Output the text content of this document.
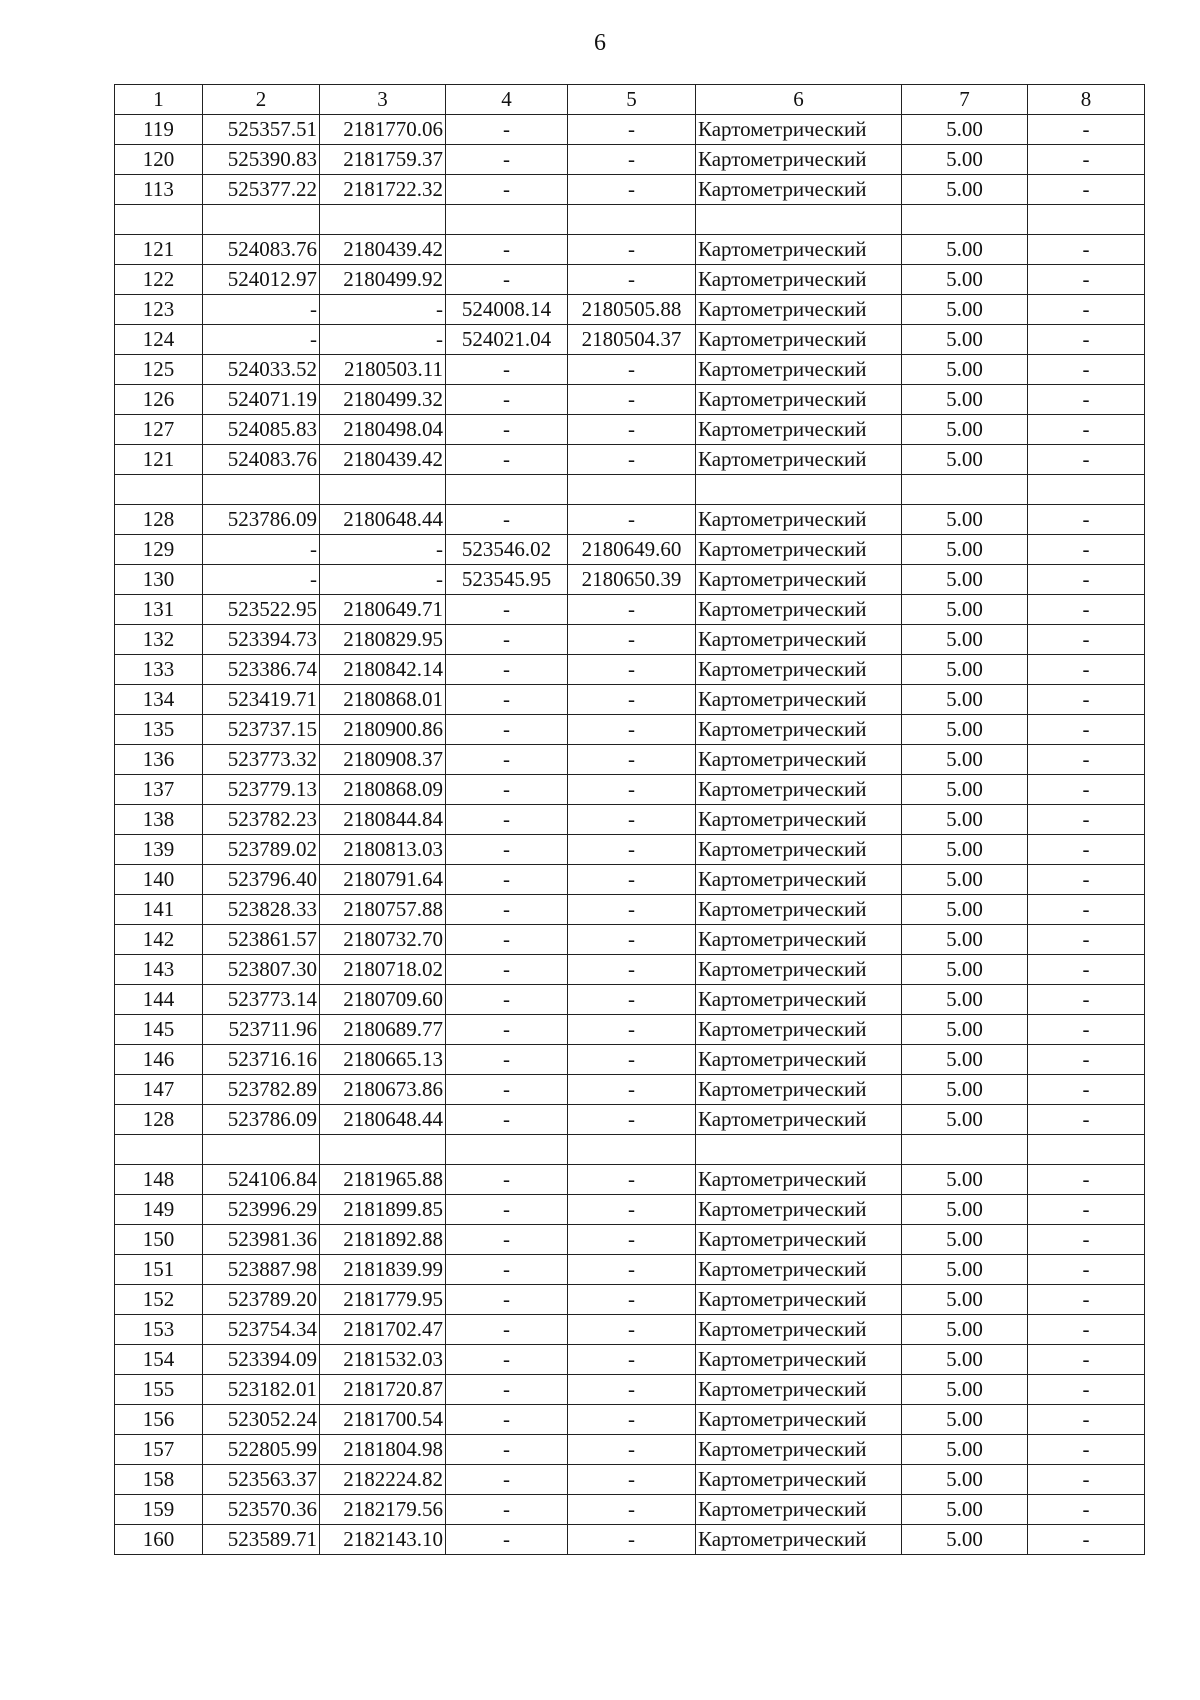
6
1	2	3	4	5	6	7	8
119	525357.51	2181770.06	-	-	Картометрический	5.00	-
120	525390.83	2181759.37	-	-	Картометрический	5.00	-
113	525377.22	2181722.32	-	-	Картометрический	5.00	-

121	524083.76	2180439.42	-	-	Картометрический	5.00	-
122	524012.97	2180499.92	-	-	Картометрический	5.00	-
123	-	-	524008.14	2180505.88	Картометрический	5.00	-
124	-	-	524021.04	2180504.37	Картометрический	5.00	-
125	524033.52	2180503.11	-	-	Картометрический	5.00	-
126	524071.19	2180499.32	-	-	Картометрический	5.00	-
127	524085.83	2180498.04	-	-	Картометрический	5.00	-
121	524083.76	2180439.42	-	-	Картометрический	5.00	-

128	523786.09	2180648.44	-	-	Картометрический	5.00	-
129	-	-	523546.02	2180649.60	Картометрический	5.00	-
130	-	-	523545.95	2180650.39	Картометрический	5.00	-
131	523522.95	2180649.71	-	-	Картометрический	5.00	-
132	523394.73	2180829.95	-	-	Картометрический	5.00	-
133	523386.74	2180842.14	-	-	Картометрический	5.00	-
134	523419.71	2180868.01	-	-	Картометрический	5.00	-
135	523737.15	2180900.86	-	-	Картометрический	5.00	-
136	523773.32	2180908.37	-	-	Картометрический	5.00	-
137	523779.13	2180868.09	-	-	Картометрический	5.00	-
138	523782.23	2180844.84	-	-	Картометрический	5.00	-
139	523789.02	2180813.03	-	-	Картометрический	5.00	-
140	523796.40	2180791.64	-	-	Картометрический	5.00	-
141	523828.33	2180757.88	-	-	Картометрический	5.00	-
142	523861.57	2180732.70	-	-	Картометрический	5.00	-
143	523807.30	2180718.02	-	-	Картометрический	5.00	-
144	523773.14	2180709.60	-	-	Картометрический	5.00	-
145	523711.96	2180689.77	-	-	Картометрический	5.00	-
146	523716.16	2180665.13	-	-	Картометрический	5.00	-
147	523782.89	2180673.86	-	-	Картометрический	5.00	-
128	523786.09	2180648.44	-	-	Картометрический	5.00	-

148	524106.84	2181965.88	-	-	Картометрический	5.00	-
149	523996.29	2181899.85	-	-	Картометрический	5.00	-
150	523981.36	2181892.88	-	-	Картометрический	5.00	-
151	523887.98	2181839.99	-	-	Картометрический	5.00	-
152	523789.20	2181779.95	-	-	Картометрический	5.00	-
153	523754.34	2181702.47	-	-	Картометрический	5.00	-
154	523394.09	2181532.03	-	-	Картометрический	5.00	-
155	523182.01	2181720.87	-	-	Картометрический	5.00	-
156	523052.24	2181700.54	-	-	Картометрический	5.00	-
157	522805.99	2181804.98	-	-	Картометрический	5.00	-
158	523563.37	2182224.82	-	-	Картометрический	5.00	-
159	523570.36	2182179.56	-	-	Картометрический	5.00	-
160	523589.71	2182143.10	-	-	Картометрический	5.00	-
